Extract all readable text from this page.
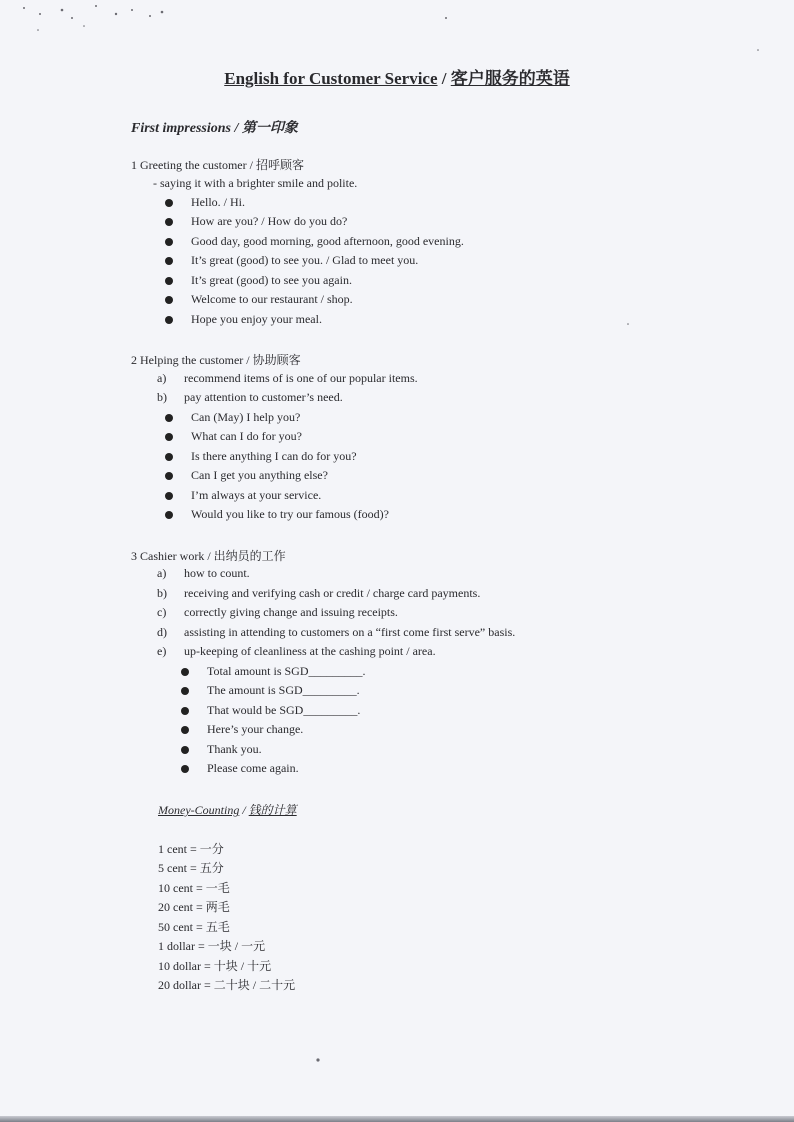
English for Customer Service / 客户服务的英语
First impressions / 第一印象
1 Greeting the customer / 招呼顾客
- saying it with a brighter smile and polite.
Hello. / Hi.
How are you? / How do you do?
Good day, good morning, good afternoon, good evening.
It’s great (good) to see you. / Glad to meet you.
It’s great (good) to see you again.
Welcome to our restaurant / shop.
Hope you enjoy your meal.
2 Helping the customer / 协助顾客
a) recommend items of is one of our popular items.
b) pay attention to customer’s need.
Can (May) I help you?
What can I do for you?
Is there anything I can do for you?
Can I get you anything else?
I’m always at your service.
Would you like to try our famous (food)?
3 Cashier work / 出纳员的工作
a) how to count.
b) receiving and verifying cash or credit / charge card payments.
c) correctly giving change and issuing receipts.
d) assisting in attending to customers on a “first come first serve” basis.
e) up-keeping of cleanliness at the cashing point / area.
Total amount is SGD_________.
The amount is SGD_________.
That would be SGD_________.
Here’s your change.
Thank you.
Please come again.
Money-Counting / 钱的计算
1 cent = 一分
5 cent = 五分
10 cent = 一毛
20 cent = 两毛
50 cent = 五毛
1 dollar = 一块 / 一元
10 dollar = 十块 / 十元
20 dollar = 二十块 / 二十元
